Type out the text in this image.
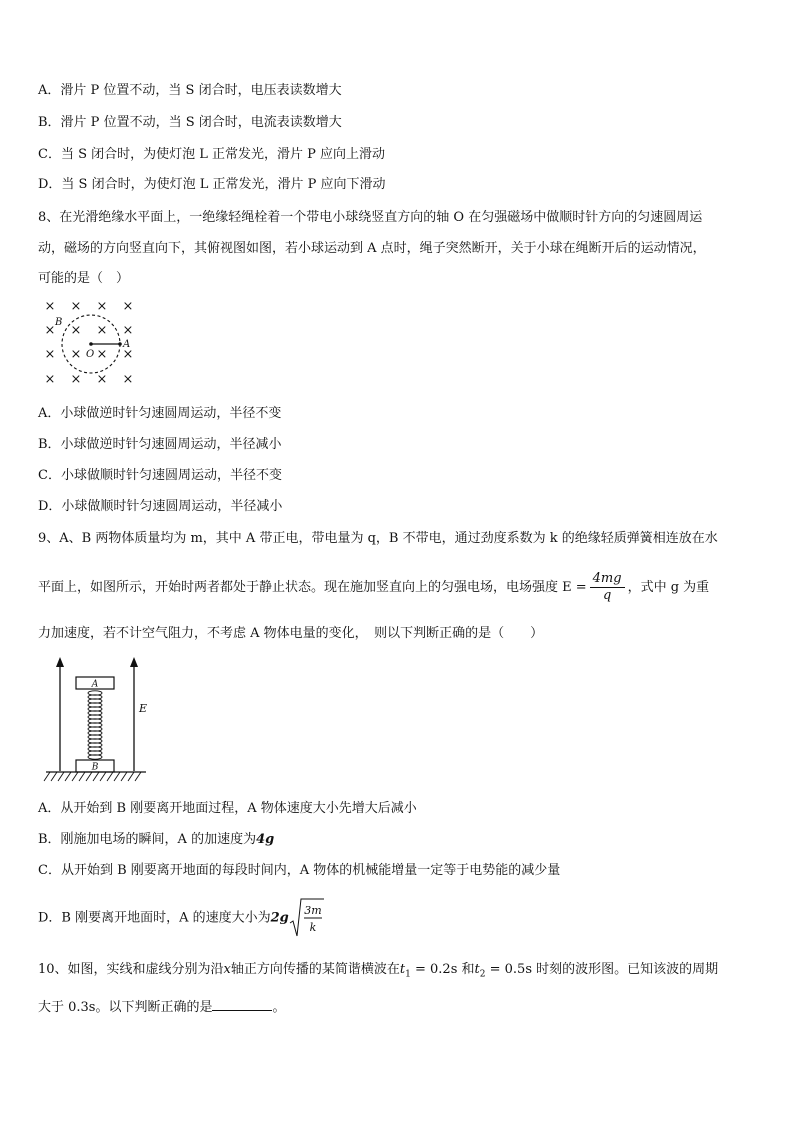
A．滑片 P 位置不动，当 S 闭合时，电压表读数增大
B．滑片 P 位置不动，当 S 闭合时，电流表读数增大
C．当 S 闭合时，为使灯泡 L 正常发光，滑片 P 应向上滑动
D．当 S 闭合时，为使灯泡 L 正常发光，滑片 P 应向下滑动
8、在光滑绝缘水平面上，一绝缘轻绳栓着一个带电小球绕竖直方向的轴 O 在匀强磁场中做顺时针方向的匀速圆周运
动，磁场的方向竖直向下，其俯视图如图，若小球运动到 A 点时，绳子突然断开，关于小球在绳断开后的运动情况，
可能的是（　）
× × × ×
× × × ×
× × × ×
× × × ×
B
O
A
A．小球做逆时针匀速圆周运动，半径不变
B．小球做逆时针匀速圆周运动，半径减小
C．小球做顺时针匀速圆周运动，半径不变
D．小球做顺时针匀速圆周运动，半径减小
9、A、B 两物体质量均为 m，其中 A 带正电，带电量为 q，B 不带电，通过劲度系数为 k 的绝缘轻质弹簧相连放在水
平面上，如图所示，开始时两者都处于静止状态。现在施加竖直向上的匀强电场，电场强度 $E = \frac{4mg}{q}$ ，式中 g 为重
力加速度，若不计空气阻力，不考虑 A 物体电量的变化，　则以下判断正确的是（　　）
E
A
B
A．从开始到 B 刚要离开地面过程，A 物体速度大小先增大后减小
B．刚施加电场的瞬间，A 的加速度为4g
C．从开始到 B 刚要离开地面的每段时间内，A 物体的机械能增量一定等于电势能的减少量
D．B 刚要离开地面时，A 的速度大小为2g
3m
k
10、如图，实线和虚线分别为沿x轴正方向传播的某简谐横波在$t_1 = 0.2s$ 和$t_2 = 0.5s$ 时刻的波形图。已知该波的周期
大于 0.3s。以下判断正确的是	。
